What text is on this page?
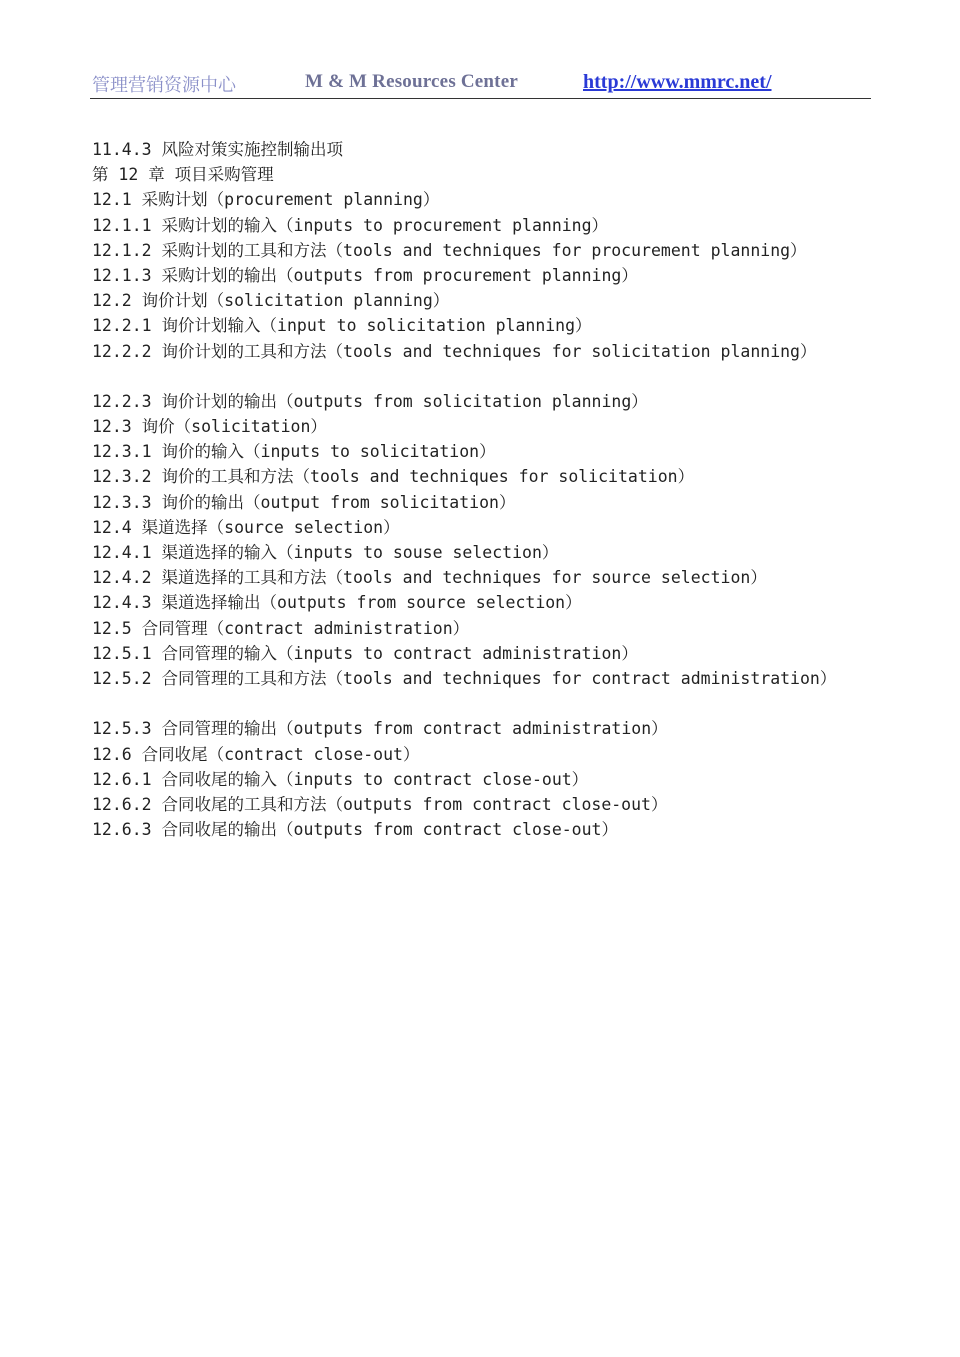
管理营销资源中心	M & M Resources Center	http://www.mmrc.net/
11.4.3 风险对策实施控制输出项
第 12 章 项目采购管理
12.1 采购计划（procurement planning）
12.1.1 采购计划的输入（inputs to procurement planning）
12.1.2 采购计划的工具和方法（tools and techniques for procurement planning）
12.1.3 采购计划的输出（outputs from procurement planning）
12.2 询价计划（solicitation planning）
12.2.1 询价计划输入（input to solicitation planning）
12.2.2 询价计划的工具和方法（tools and techniques for solicitation planning）
12.2.3 询价计划的输出（outputs from solicitation planning）
12.3 询价（solicitation）
12.3.1 询价的输入（inputs to solicitation）
12.3.2 询价的工具和方法（tools and techniques for solicitation）
12.3.3 询价的输出（output from solicitation）
12.4 渠道选择（source selection）
12.4.1 渠道选择的输入（inputs to souse selection）
12.4.2 渠道选择的工具和方法（tools and techniques for source selection）
12.4.3 渠道选择输出（outputs from source selection）
12.5 合同管理（contract administration）
12.5.1 合同管理的输入（inputs to contract administration）
12.5.2 合同管理的工具和方法（tools and techniques for contract administration）
12.5.3 合同管理的输出（outputs from contract administration）
12.6 合同收尾（contract close-out）
12.6.1 合同收尾的输入（inputs to contract close-out）
12.6.2 合同收尾的工具和方法（outputs from contract close-out）
12.6.3 合同收尾的输出（outputs from contract close-out）
